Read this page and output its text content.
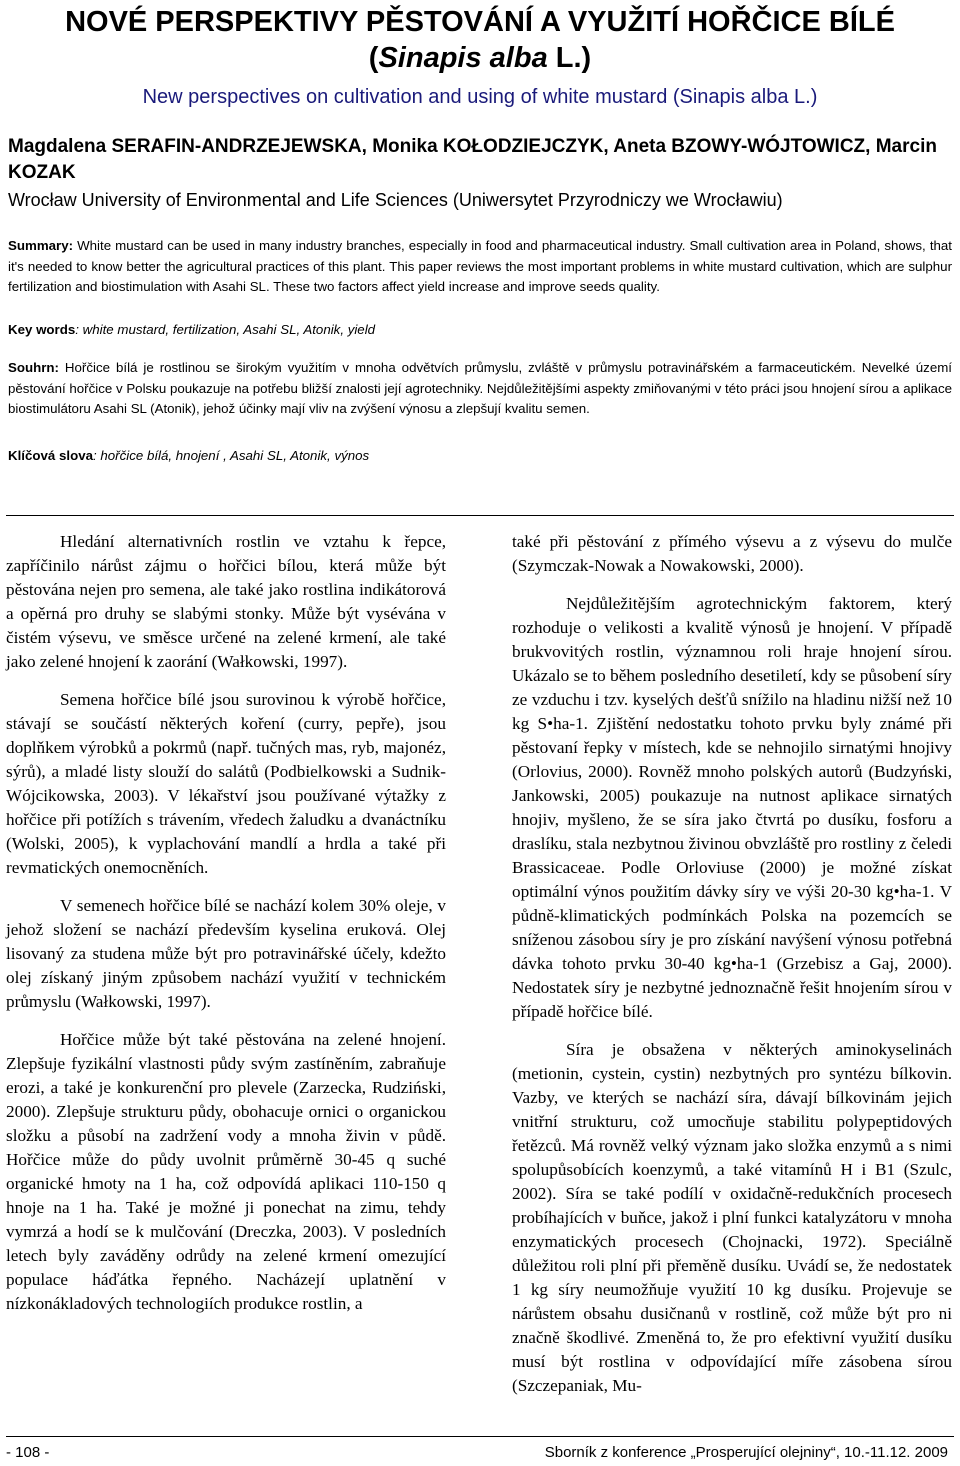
NOVÉ PERSPEKTIVY PĚSTOVÁNÍ A VYUŽITÍ HOŘČICE BÍLÉ
(Sinapis alba L.)
New perspectives on cultivation and using of white mustard (Sinapis alba L.)
Magdalena SERAFIN-ANDRZEJEWSKA, Monika KOŁODZIEJCZYK, Aneta BZOWY-WÓJTOWICZ, Marcin KOZAK
Wrocław University of Environmental and Life Sciences (Uniwersytet Przyrodniczy we Wrocławiu)
Summary: White mustard can be used in many industry branches, especially in food and pharmaceutical industry. Small cultivation area in Poland, shows, that it's needed to know better the agricultural practices of this plant. This paper reviews the most important problems in white mustard cultivation, which are sulphur fertilization and biostimulation with Asahi SL. These two factors affect yield increase and improve seeds quality.
Key words: white mustard, fertilization, Asahi SL, Atonik, yield
Souhrn: Hořčice bílá je rostlinou se širokým využitím v mnoha odvětvích průmyslu, zvláště v průmyslu potravinářském a farmaceutickém. Nevelké území pěstování hořčice v Polsku poukazuje na potřebu bližší znalosti její agrotechniky. Nejdůležitějšími aspekty zmiňovanými v této práci jsou hnojení sírou a aplikace biostimulátoru Asahi SL (Atonik), jehož účinky mají vliv na zvýšení výnosu a zlepšují kvalitu semen.
Klíčová slova: hořčice bílá, hnojení , Asahi SL, Atonik, výnos

Hledání alternativních rostlin ve vztahu k řepce, zapříčinilo nárůst zájmu o hořčici bílou, která může být pěstována nejen pro semena, ale také jako rostlina indikátorová a opěrná pro druhy se slabými stonky. Může být vysévána v čistém výsevu, ve směsce určené na zelené krmení, ale také jako zelené hnojení k zaorání (Wałkowski, 1997).

Semena hořčice bílé jsou surovinou k výrobě hořčice, stávají se součástí některých koření (curry, pepře), jsou doplňkem výrobků a pokrmů (např. tučných mas, ryb, majonéz, sýrů), a mladé listy slouží do salátů (Podbielkowski a Sudnik-Wójcikowska, 2003). V lékařství jsou používané výtažky z hořčice při potížích s trávením, vředech žaludku a dvanáctníku (Wolski, 2005), k vyplachování mandlí a hrdla a také při revmatických onemocněních.

V semenech hořčice bílé se nachází kolem 30% oleje, v jehož složení se nachází především kyselina eruková. Olej lisovaný za studena může být pro potravinářské účely, kdežto olej získaný jiným způsobem nachází využití v technickém průmyslu (Wałkowski, 1997).

Hořčice může být také pěstována na zelené hnojení. Zlepšuje fyzikální vlastnosti půdy svým zastíněním, zabraňuje erozi, a také je konkurenční pro plevele (Zarzecka, Rudziński, 2000). Zlepšuje strukturu půdy, obohacuje ornici o organickou složku a působí na zadržení vody a mnoha živin v půdě. Hořčice může do půdy uvolnit průměrně 30-45 q suché organické hmoty na 1 ha, což odpovídá aplikaci 110-150 q hnoje na 1 ha. Také je možné ji ponechat na zimu, tehdy vymrzá a hodí se k mulčování (Dreczka, 2003). V posledních letech byly zaváděny odrůdy na zelené krmení omezující populace háďátka řepného. Nacházejí uplatnění v nízkonákladových technologiích produkce rostlin, a

také při pěstování z přímého výsevu a z výsevu do mulče (Szymczak-Nowak a Nowakowski, 2000).

Nejdůležitějším agrotechnickým faktorem, který rozhoduje o velikosti a kvalitě výnosů je hnojení. V případě brukvovitých rostlin, významnou roli hraje hnojení sírou. Ukázalo se to během posledního desetiletí, kdy se působení síry ze vzduchu i tzv. kyselých dešťů snížilo na hladinu nižší než 10 kg S•ha-1. Zjištění nedostatku tohoto prvku byly známé při pěstovaní řepky v místech, kde se nehnojilo sirnatými hnojivy (Orlovius, 2000). Rovněž mnoho polských autorů (Budzyński, Jankowski, 2005) poukazuje na nutnost aplikace sirnatých hnojiv, myšleno, že se síra jako čtvrtá po dusíku, fosforu a draslíku, stala nezbytnou živinou obvzláště pro rostliny z čeledi Brassicaceae. Podle Orloviuse (2000) je možné získat optimální výnos použitím dávky síry ve výši 20-30 kg•ha-1. V půdně-klimatických podmínkách Polska na pozemcích se sníženou zásobou síry je pro získání navýšení výnosu potřebná dávka tohoto prvku 30-40 kg•ha-1 (Grzebisz a Gaj, 2000). Nedostatek síry je nezbytné jednoznačně řešit hnojením sírou v případě hořčice bílé.

Síra je obsažena v některých aminokyselinách (metionin, cystein, cystin) nezbytných pro syntézu bílkovin. Vazby, ve kterých se nachází síra, dávají bílkovinám jejich vnitřní strukturu, což umocňuje stabilitu polypeptidových řetězců. Má rovněž velký význam jako složka enzymů a s nimi spolupůsobících koenzymů, a také vitamínů H i B1 (Szulc, 2002). Síra se také podílí v oxidačně-redukčních procesech probíhajících v buňce, jakož i plní funkci katalyzátoru v mnoha enzymatických procesech (Chojnacki, 1972). Speciálně důležitou roli plní při přeměně dusíku. Uvádí se, že nedostatek 1 kg síry neumožňuje využití 10 kg dusíku. Projevuje se nárůstem obsahu dusičnanů v rostlině, což může být pro ni značně škodlivé. Zmeněná to, že pro efektivní využití dusíku musí být rostlina v odpovídající míře zásobena sírou (Szczepaniak, Mu-

- 108 -	Sborník z konference „Prosperující olejniny“, 10.-11.12. 2009
